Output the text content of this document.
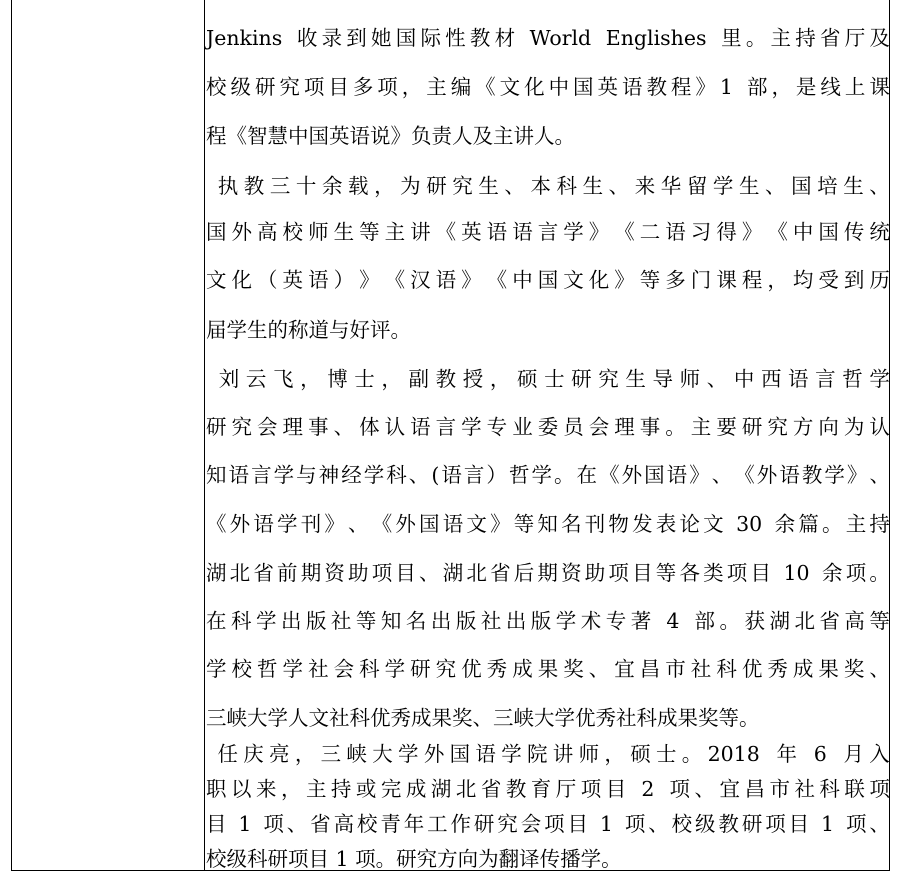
Jenkins
收 录 到 她 国 际 性 教 材
World
Englishes
里 。 主 持 省 厅 及
校 级 研 究 项 目 多 项 ， 主 编 《 文 化 中 国 英 语 教 程 》 1
部 ， 是 线 上 课
程《智慧中国英语说》负责人及主讲人。

执 教 三 十 余 载 ， 为 研 究 生 、 本 科 生 、 来 华 留 学 生 、 国 培 生 、
国 外 高 校 师 生 等 主 讲 《 英 语 语 言 学 》 《 二 语 习 得 》 《 中 国 传 统
文 化 （ 英 语 ） 》 《 汉 语 》 《 中 国 文 化 》 等 多 门 课 程 ， 均 受 到 历
届学生的称道与好评。

刘 云 飞 ， 博 士 ， 副 教 授 ， 硕 士 研 究 生 导 师 、 中 西 语 言 哲 学
研 究 会 理 事 、 体 认 语 言 学 专 业 委 员 会 理 事 。 主 要 研 究 方 向 为 认
知 语 言 学 与 神 经 学 科 、 ( 语 言 ） 哲 学 。 在 《 外 国 语 》 、 《 外 语 教 学 》 、
《 外 语 学 刊 》 、 《 外 国 语 文 》 等 知 名 刊 物 发 表 论 文
30
余 篇 。 主 持
湖 北 省 前 期 资 助 项 目 、 湖 北 省 后 期 资 助 项 目 等 各 类 项 目
10
余 项 。
在 科 学 出 版 社 等 知 名 出 版 社 出 版 学 术 专 著
4
部 。 获 湖 北 省 高 等
学 校 哲 学 社 会 科 学 研 究 优 秀 成 果 奖 、 宜 昌 市 社 科 优 秀 成 果 奖 、
三峡大学人文社科优秀成果奖、三峡大学优秀社科成果奖等。

任 庆 亮 ， 三 峡 大 学 外 国 语 学 院 讲 师 ， 硕 士 。 2018
年
6
月 入
职 以 来 ， 主 持 或 完 成 湖 北 省 教 育 厅 项 目
2
项 、 宜 昌 市 社 科 联 项
目
1
项 、 省 高 校 青 年 工 作 研 究 会 项 目
1
项 、 校 级 教 研 项 目
1
项 、
校级科研项目 1 项。研究方向为翻译传播学。
